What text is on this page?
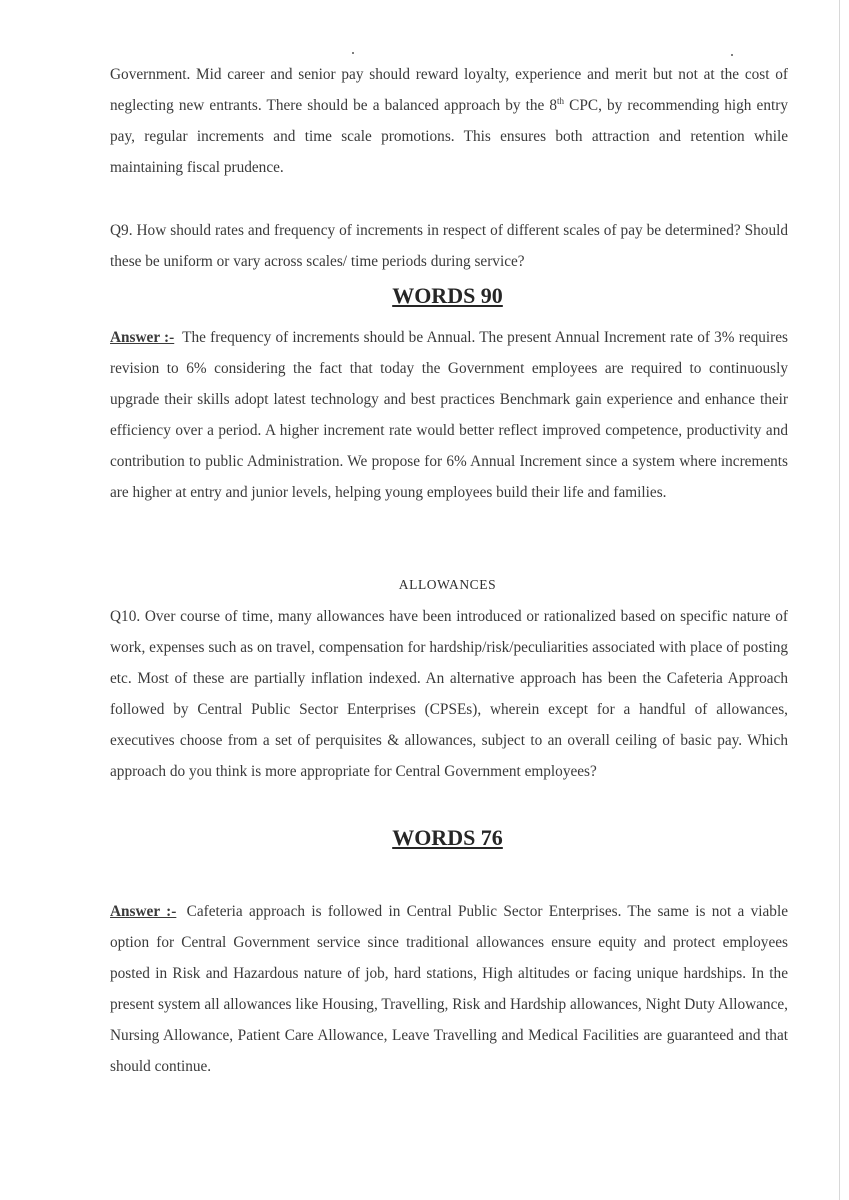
Government. Mid career and senior pay should reward loyalty, experience and merit but not at the cost of neglecting new entrants. There should be a balanced approach by the 8th CPC, by recommending high entry pay, regular increments and time scale promotions. This ensures both attraction and retention while maintaining fiscal prudence.

Q9. How should rates and frequency of increments in respect of different scales of pay be determined? Should these be uniform or vary across scales/ time periods during service?

WORDS 90

Answer :- The frequency of increments should be Annual. The present Annual Increment rate of 3% requires revision to 6% considering the fact that today the Government employees are required to continuously upgrade their skills adopt latest technology and best practices Benchmark gain experience and enhance their efficiency over a period. A higher increment rate would better reflect improved competence, productivity and contribution to public Administration. We propose for 6% Annual Increment since a system where increments are higher at entry and junior levels, helping young employees build their life and families.

ALLOWANCES

Q10. Over course of time, many allowances have been introduced or rationalized based on specific nature of work, expenses such as on travel, compensation for hardship/risk/peculiarities associated with place of posting etc. Most of these are partially inflation indexed. An alternative approach has been the Cafeteria Approach followed by Central Public Sector Enterprises (CPSEs), wherein except for a handful of allowances, executives choose from a set of perquisites & allowances, subject to an overall ceiling of basic pay. Which approach do you think is more appropriate for Central Government employees?

WORDS 76

Answer :- Cafeteria approach is followed in Central Public Sector Enterprises. The same is not a viable option for Central Government service since traditional allowances ensure equity and protect employees posted in Risk and Hazardous nature of job, hard stations, High altitudes or facing unique hardships. In the present system all allowances like Housing, Travelling, Risk and Hardship allowances, Night Duty Allowance, Nursing Allowance, Patient Care Allowance, Leave Travelling and Medical Facilities are guaranteed and that should continue.
